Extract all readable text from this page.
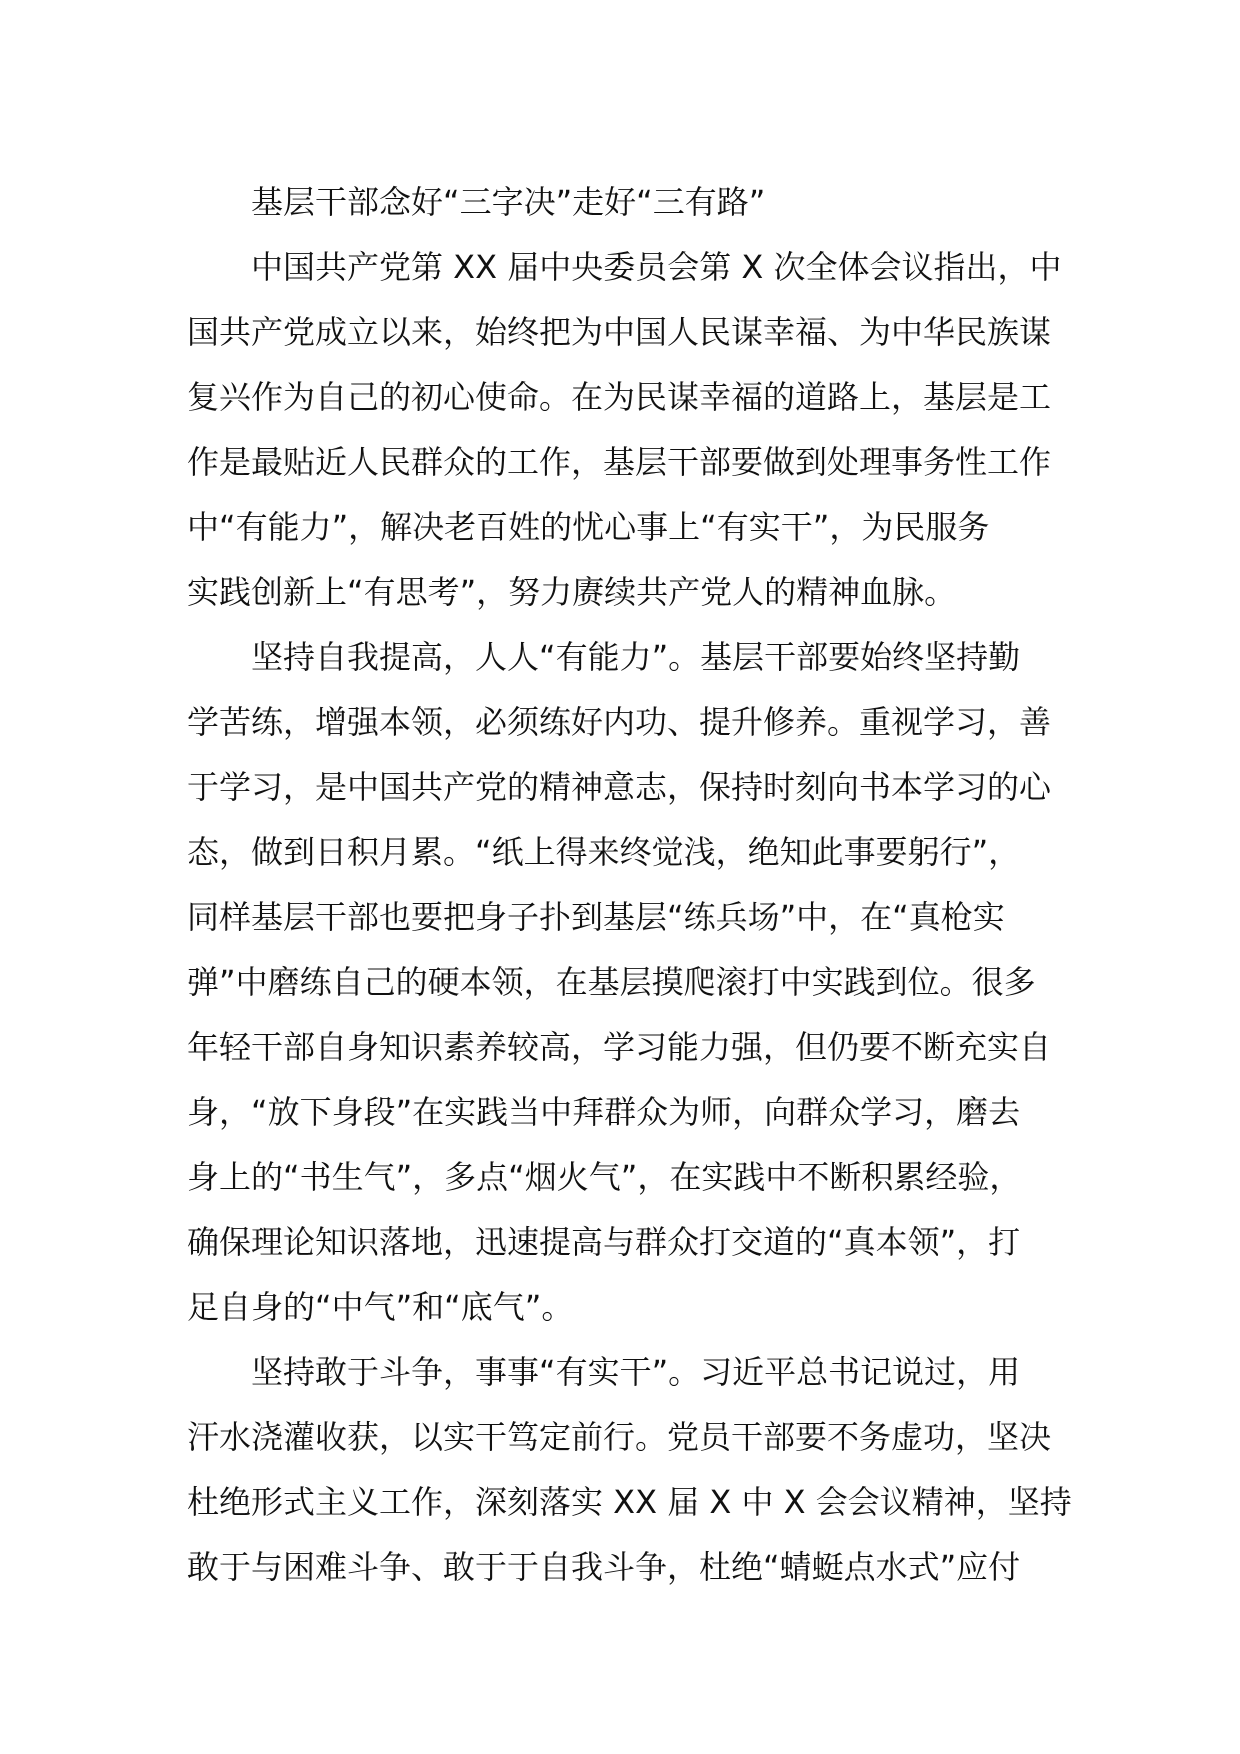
基层干部念好“三字决”走好“三有路”
中国共产党第 XX 届中央委员会第 X 次全体会议指出，中
国共产党成立以来，始终把为中国人民谋幸福、为中华民族谋
复兴作为自己的初心使命。在为民谋幸福的道路上，基层是工
作是最贴近人民群众的工作，基层干部要做到处理事务性工作
中“有能力”，解决老百姓的忧心事上“有实干”，为民服务
实践创新上“有思考”，努力赓续共产党人的精神血脉。
坚持自我提高，人人“有能力”。基层干部要始终坚持勤
学苦练，增强本领，必须练好内功、提升修养。重视学习，善
于学习，是中国共产党的精神意志，保持时刻向书本学习的心
态，做到日积月累。“纸上得来终觉浅，绝知此事要躬行”，
同样基层干部也要把身子扑到基层“练兵场”中，在“真枪实
弹”中磨练自己的硬本领，在基层摸爬滚打中实践到位。很多
年轻干部自身知识素养较高，学习能力强，但仍要不断充实自
身，“放下身段”在实践当中拜群众为师，向群众学习，磨去
身上的“书生气”，多点“烟火气”，在实践中不断积累经验，
确保理论知识落地，迅速提高与群众打交道的“真本领”，打
足自身的“中气”和“底气”。
坚持敢于斗争，事事“有实干”。习近平总书记说过，用
汗水浇灌收获，以实干笃定前行。党员干部要不务虚功，坚决
杜绝形式主义工作，深刻落实 XX 届 X 中 X 会会议精神，坚持
敢于与困难斗争、敢于于自我斗争，杜绝“蜻蜓点水式”应付
